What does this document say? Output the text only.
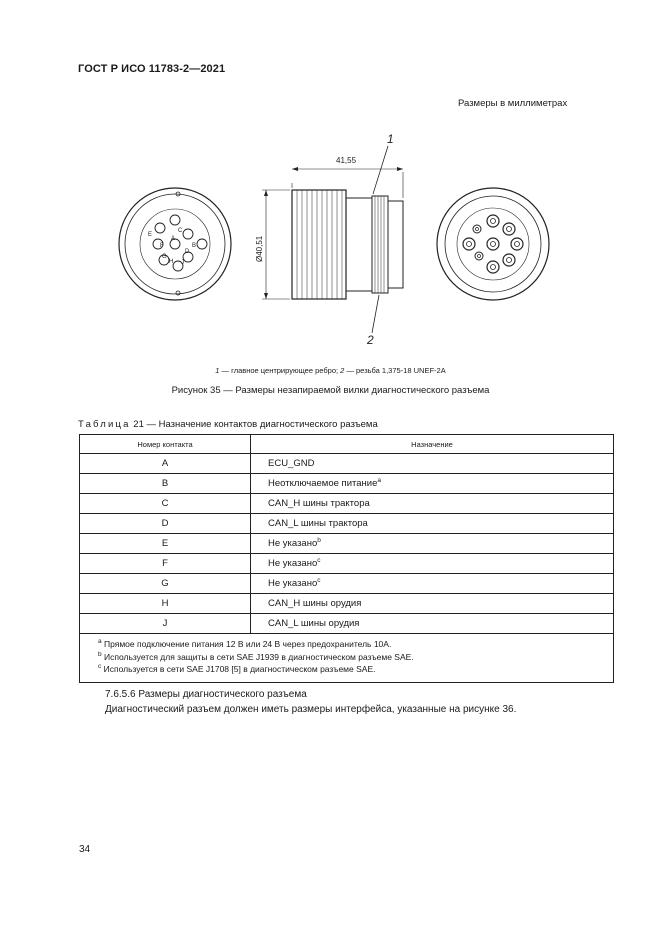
ГОСТ Р ИСО 11783-2—2021
Размеры в миллиметрах
A
B
C
D
E
F
G
H J
41,55
Ø40,51
1
2
1 — главное центрирующее ребро; 2 — резьба 1,375-18 UNEF-2A
Рисунок 35 — Размеры незапираемой вилки диагностического разъема
Таблица 21 — Назначение контактов диагностического разъема
Номер контакта	Назначение
A	ECU_GND
B	Неотключаемое питание$^a$
C	CAN_H шины трактора
D	CAN_L шины трактора
E	Не указано$^b$
F	Не указано$^c$
G	Не указано$^c$
H	CAN_H шины орудия
J	CAN_L шины орудия

$^a$ Прямое подключение питания 12 В или 24 В через предохранитель 10А.
$^b$ Используется для защиты в сети SAE J1939 в диагностическом разъеме SAE.
$^c$ Используется в сети SAE J1708 [5] в диагностическом разъеме SAE.	
7.6.5.6 Размеры диагностического разъема
Диагностический разъем должен иметь размеры интерфейса, указанные на рисунке 36.
34
